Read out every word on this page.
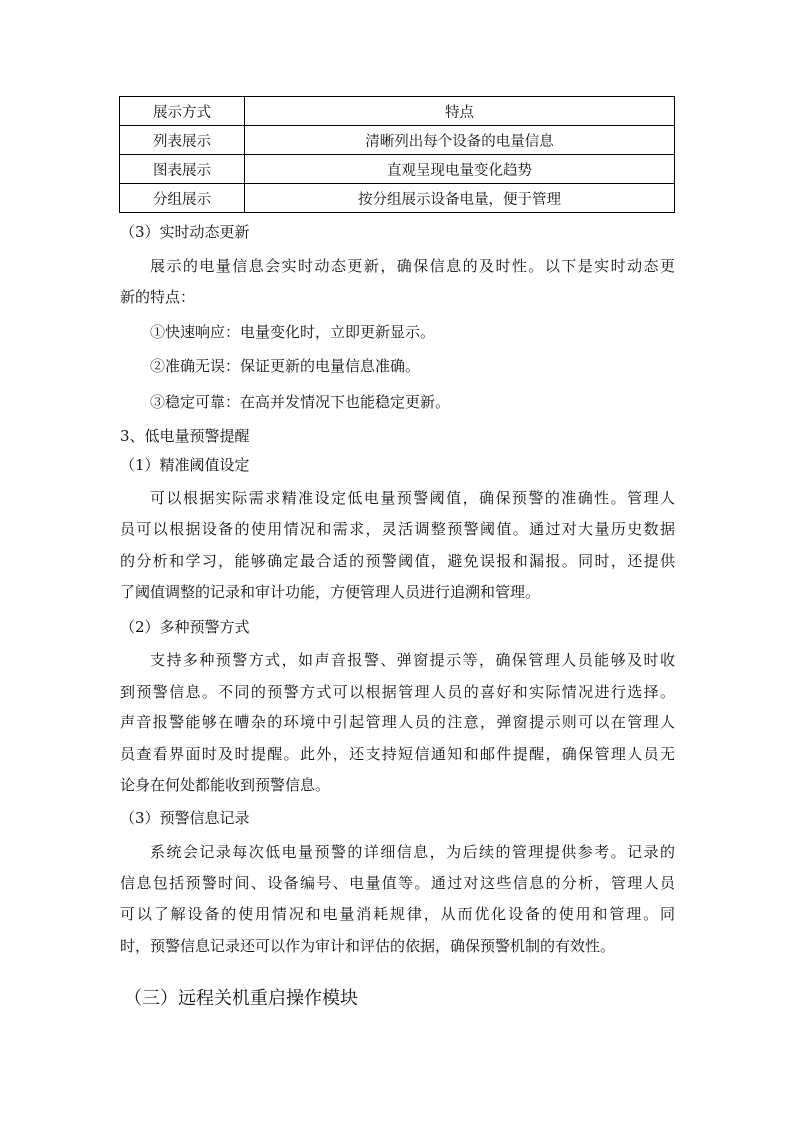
展示方式	特点
列表展示	清晰列出每个设备的电量信息
图表展示	直观呈现电量变化趋势
分组展示	按分组展示设备电量，便于管理
（3）实时动态更新
展示的电量信息会实时动态更新，确保信息的及时性。以下是实时动态更
新的特点：
①快速响应：电量变化时，立即更新显示。
②准确无误：保证更新的电量信息准确。
③稳定可靠：在高并发情况下也能稳定更新。
3、低电量预警提醒
（1）精准阈值设定
可以根据实际需求精准设定低电量预警阈值，确保预警的准确性。管理人
员可以根据设备的使用情况和需求，灵活调整预警阈值。通过对大量历史数据
的分析和学习，能够确定最合适的预警阈值，避免误报和漏报。同时，还提供
了阈值调整的记录和审计功能，方便管理人员进行追溯和管理。
（2）多种预警方式
支持多种预警方式，如声音报警、弹窗提示等，确保管理人员能够及时收
到预警信息。不同的预警方式可以根据管理人员的喜好和实际情况进行选择。
声音报警能够在嘈杂的环境中引起管理人员的注意，弹窗提示则可以在管理人
员查看界面时及时提醒。此外，还支持短信通知和邮件提醒，确保管理人员无
论身在何处都能收到预警信息。
（3）预警信息记录
系统会记录每次低电量预警的详细信息，为后续的管理提供参考。记录的
信息包括预警时间、设备编号、电量值等。通过对这些信息的分析，管理人员
可以了解设备的使用情况和电量消耗规律，从而优化设备的使用和管理。同
时，预警信息记录还可以作为审计和评估的依据，确保预警机制的有效性。
（三）远程关机重启操作模块
